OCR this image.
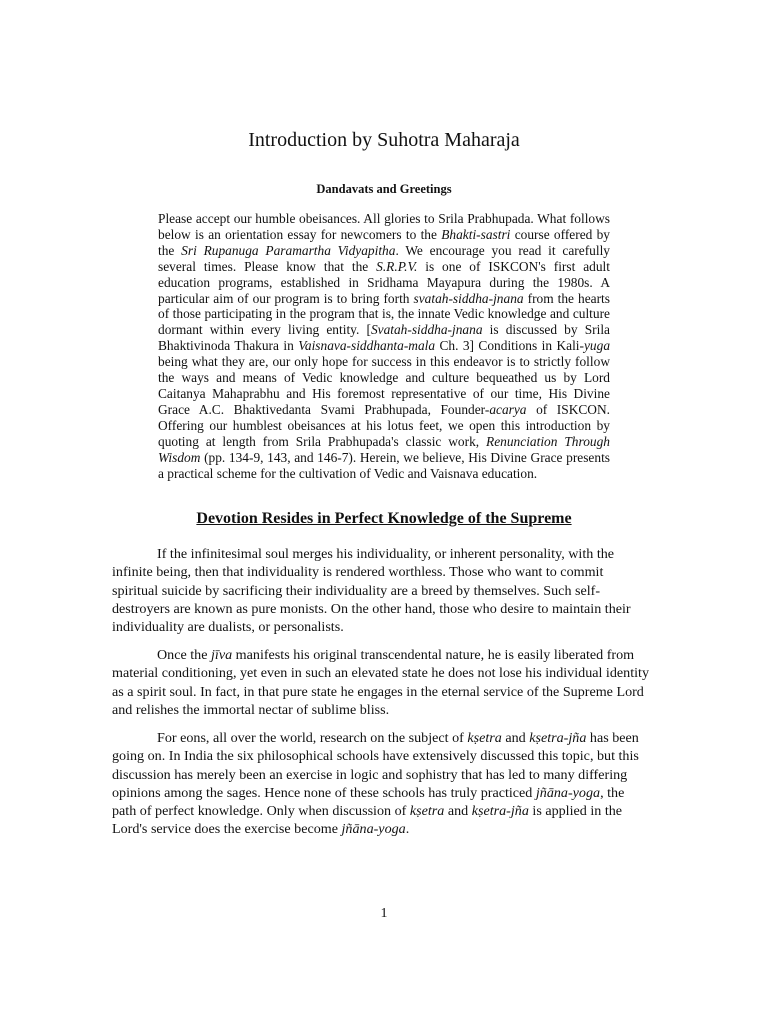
Introduction by Suhotra Maharaja
Dandavats and Greetings

Please accept our humble obeisances. All glories to Srila Prabhupada. What follows below is an orientation essay for newcomers to the Bhakti-sastri course offered by the Sri Rupanuga Paramartha Vidyapitha. We encourage you read it carefully several times. Please know that the S.R.P.V. is one of ISKCON's first adult education programs, established in Sridhama Mayapura during the 1980s. A particular aim of our program is to bring forth svatah-siddha-jnana from the hearts of those participating in the program that is, the innate Vedic knowledge and culture dormant within every living entity. [Svatah-siddha-jnana is discussed by Srila Bhaktivinoda Thakura in Vaisnava-siddhanta-mala Ch. 3] Conditions in Kali-yuga being what they are, our only hope for success in this endeavor is to strictly follow the ways and means of Vedic knowledge and culture bequeathed us by Lord Caitanya Mahaprabhu and His foremost representative of our time, His Divine Grace A.C. Bhaktivedanta Svami Prabhupada, Founder-acarya of ISKCON. Offering our humblest obeisances at his lotus feet, we open this introduction by quoting at length from Srila Prabhupada's classic work, Renunciation Through Wisdom (pp. 134-9, 143, and 146-7). Herein, we believe, His Divine Grace presents a practical scheme for the cultivation of Vedic and Vaisnava education.

Devotion Resides in Perfect Knowledge of the Supreme

If the infinitesimal soul merges his individuality, or inherent personality, with the infinite being, then that individuality is rendered worthless. Those who want to commit spiritual suicide by sacrificing their individuality are a breed by themselves. Such self-destroyers are known as pure monists. On the other hand, those who desire to maintain their individuality are dualists, or personalists.

Once the jīva manifests his original transcendental nature, he is easily liberated from material conditioning, yet even in such an elevated state he does not lose his individual identity as a spirit soul. In fact, in that pure state he engages in the eternal service of the Supreme Lord and relishes the immortal nectar of sublime bliss.

For eons, all over the world, research on the subject of kṣetra and kṣetra-jña has been going on. In India the six philosophical schools have extensively discussed this topic, but this discussion has merely been an exercise in logic and sophistry that has led to many differing opinions among the sages. Hence none of these schools has truly practiced jñāna-yoga, the path of perfect knowledge. Only when discussion of kṣetra and kṣetra-jña is applied in the Lord's service does the exercise become jñāna-yoga.

1
